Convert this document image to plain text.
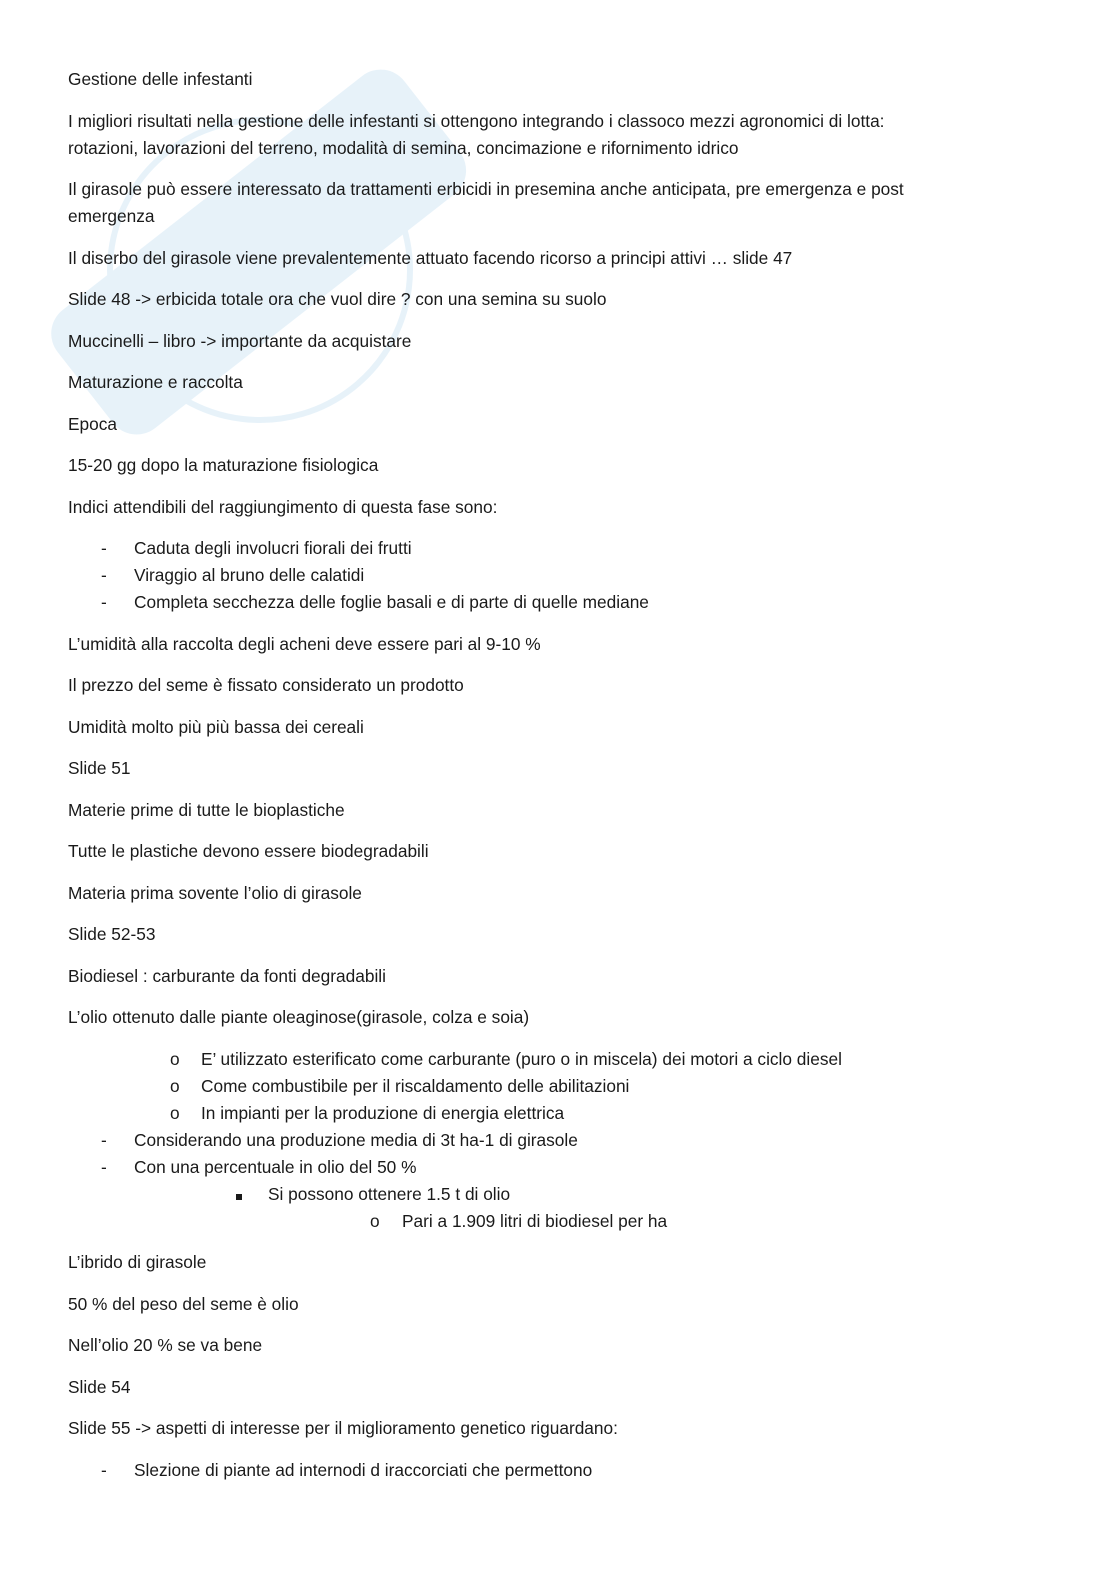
Gestione delle infestanti

I migliori risultati nella gestione delle infestanti si ottengono integrando i classoco mezzi agronomici di lotta:
rotazioni, lavorazioni del terreno, modalità di semina, concimazione e rifornimento idrico

Il girasole può essere interessato da trattamenti erbicidi in presemina anche anticipata, pre emergenza e post
emergenza

Il diserbo del girasole viene prevalentemente attuato facendo ricorso a principi attivi … slide 47

Slide 48 -> erbicida totale ora che vuol dire ? con una semina su suolo

Muccinelli – libro -> importante da acquistare

Maturazione e raccolta

Epoca

15-20 gg dopo la maturazione fisiologica

Indici attendibili del raggiungimento di questa fase sono:

- Caduta degli involucri fiorali dei frutti
- Viraggio al bruno delle calatidi
- Completa secchezza delle foglie basali e di parte di quelle mediane

L’umidità alla raccolta degli acheni deve essere pari al 9-10 %

Il prezzo del seme è fissato considerato un prodotto

Umidità molto più più bassa dei cereali

Slide 51

Materie prime di tutte le bioplastiche

Tutte le plastiche devono essere biodegradabili

Materia prima sovente l’olio di girasole

Slide 52-53

Biodiesel : carburante da fonti degradabili

L’olio ottenuto dalle piante oleaginose(girasole, colza e soia)

o E’ utilizzato esterificato come carburante (puro o in miscela) dei motori a ciclo diesel
o Come combustibile per il riscaldamento delle abilitazioni
o In impianti per la produzione di energia elettrica
- Considerando una produzione media di 3t ha-1 di girasole
- Con una percentuale in olio del 50 %
Si possono ottenere 1.5 t di olio
o Pari a 1.909 litri di biodiesel per ha

L’ibrido di girasole

50 % del peso del seme è olio

Nell’olio 20 % se va bene

Slide 54

Slide 55 -> aspetti di interesse per il miglioramento genetico riguardano:

- Slezione di piante ad internodi d iraccorciati che permettono
